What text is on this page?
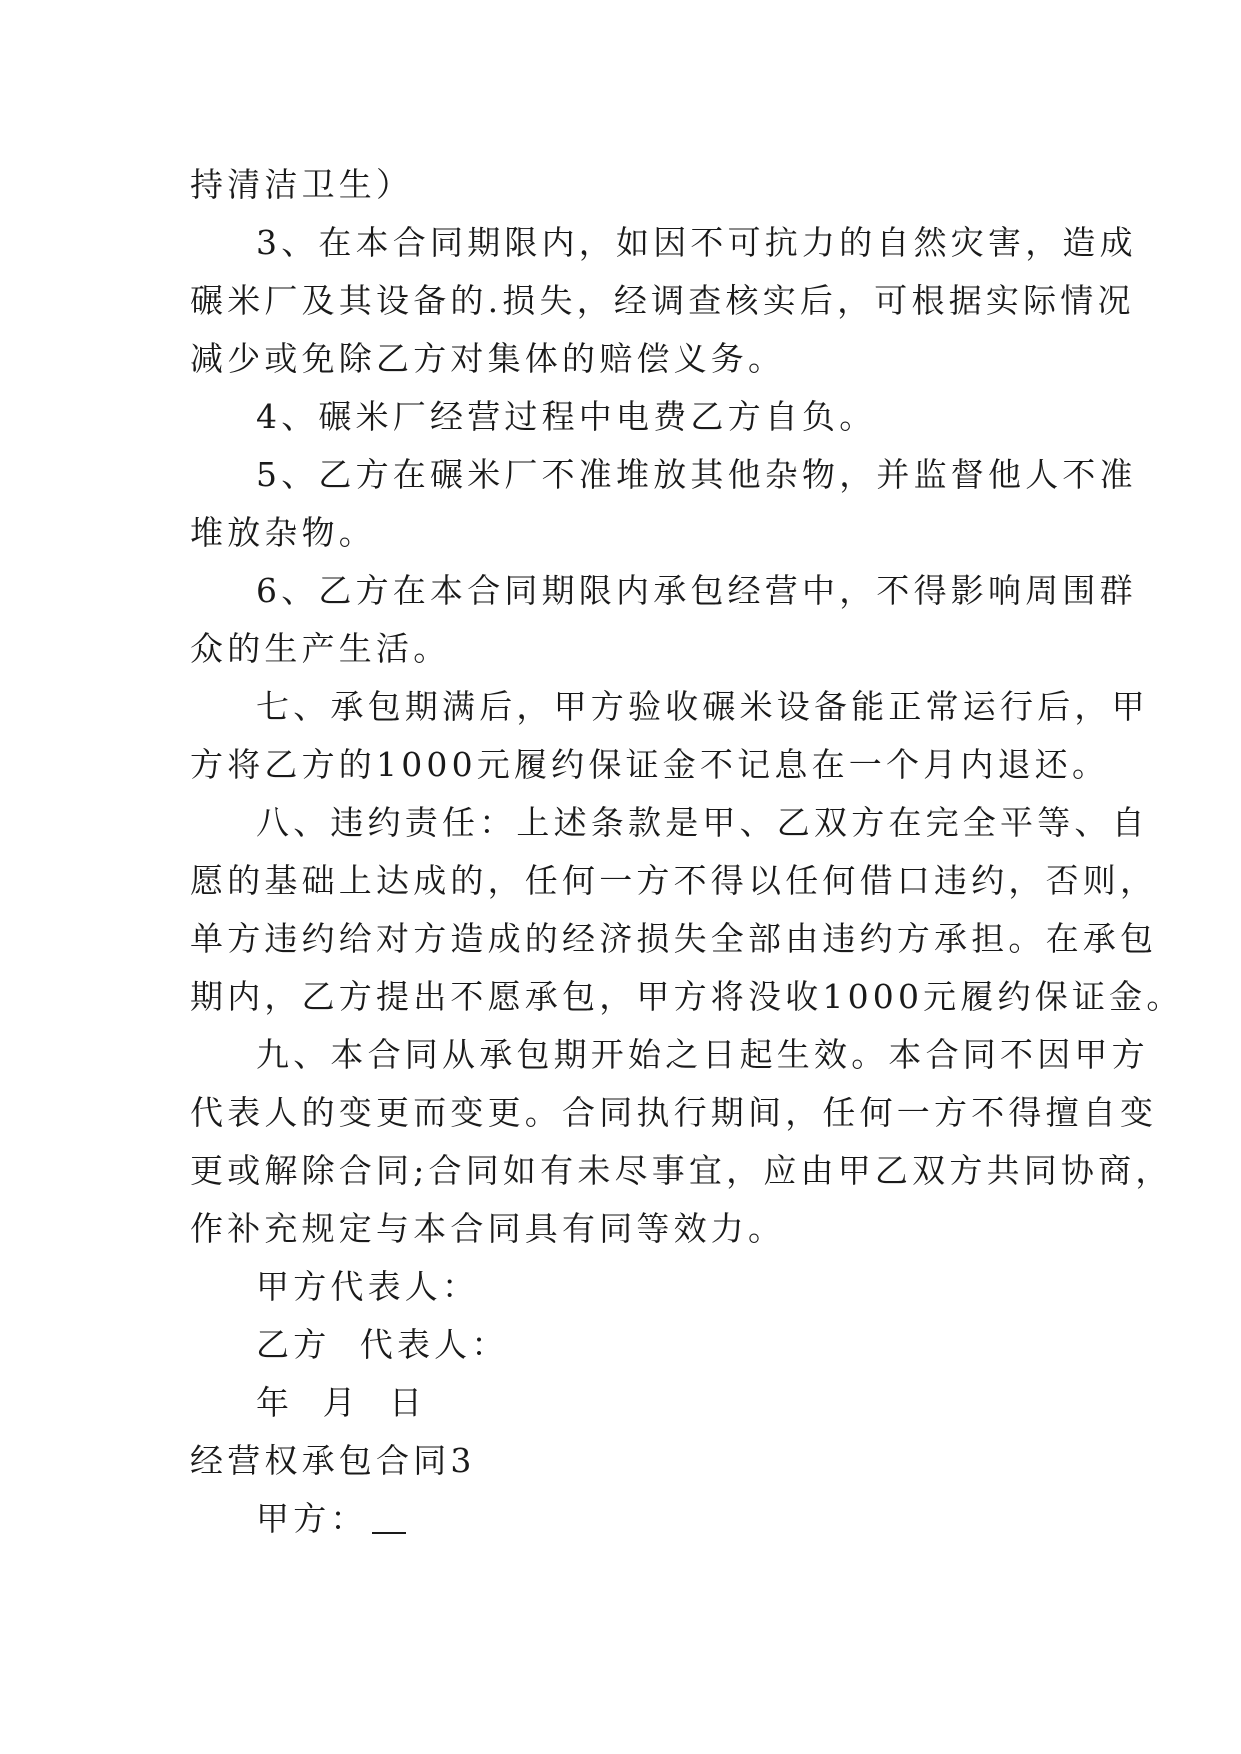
持清洁卫生）
3、在本合同期限内，如因不可抗力的自然灾害，造成
碾米厂及其设备的.损失，经调查核实后，可根据实际情况
减少或免除乙方对集体的赔偿义务。
4、碾米厂经营过程中电费乙方自负。
5、乙方在碾米厂不准堆放其他杂物，并监督他人不准
堆放杂物。
6、乙方在本合同期限内承包经营中，不得影响周围群
众的生产生活。
七、承包期满后，甲方验收碾米设备能正常运行后，甲
方将乙方的1000元履约保证金不记息在一个月内退还。
八、违约责任：上述条款是甲、乙双方在完全平等、自
愿的基础上达成的，任何一方不得以任何借口违约，否则，
单方违约给对方造成的经济损失全部由违约方承担。在承包
期内，乙方提出不愿承包，甲方将没收1000元履约保证金。
九、本合同从承包期开始之日起生效。本合同不因甲方
代表人的变更而变更。合同执行期间，任何一方不得擅自变
更或解除合同;合同如有未尽事宜，应由甲乙双方共同协商，
作补充规定与本合同具有同等效力。
甲方代表人：
乙方  代表人：
年  月  日
经营权承包合同3
甲方：
